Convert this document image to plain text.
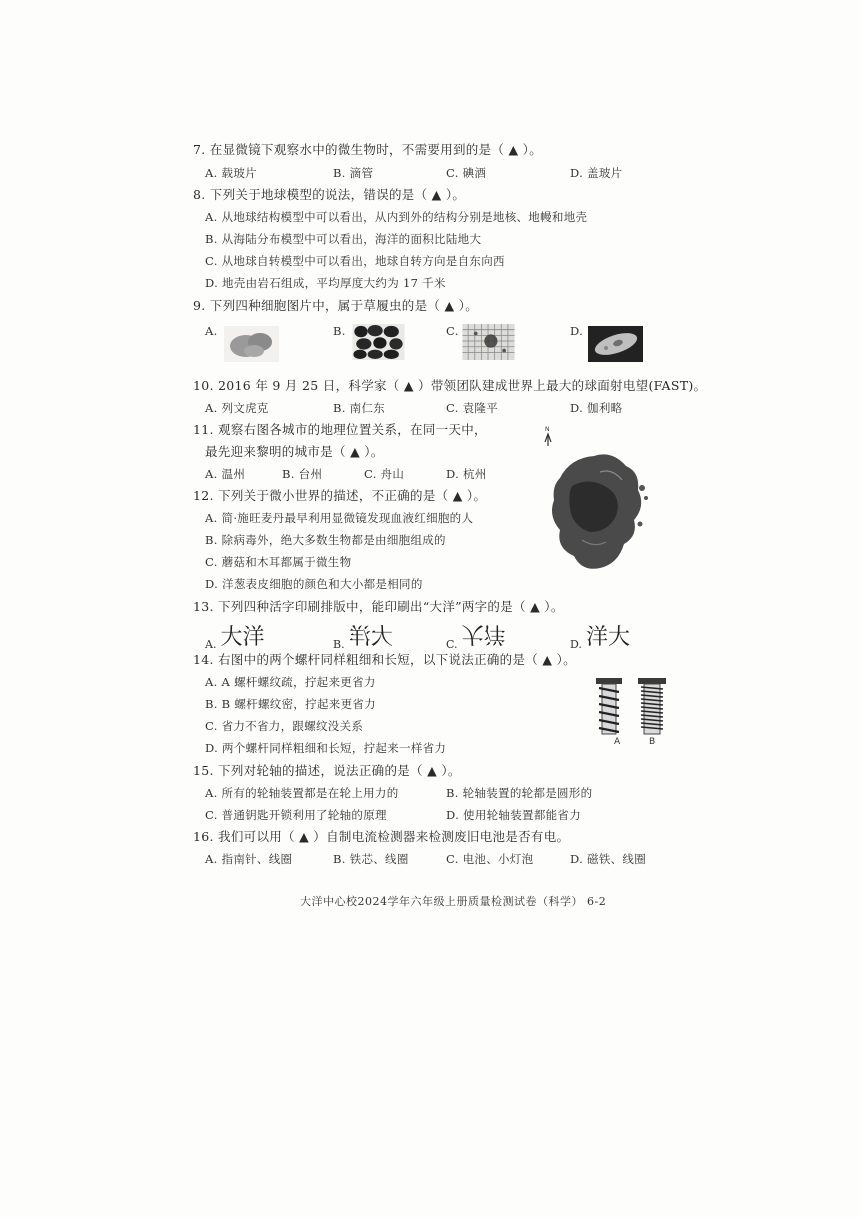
7. 在显微镜下观察水中的微生物时，不需要用到的是（ ▲ ）。
A. 载玻片	B. 滴管	C. 碘酒	D. 盖玻片
8. 下列关于地球模型的说法，错误的是（ ▲ ）。
A. 从地球结构模型中可以看出，从内到外的结构分别是地核、地幔和地壳
B. 从海陆分布模型中可以看出，海洋的面积比陆地大
C. 从地球自转模型中可以看出，地球自转方向是自东向西
D. 地壳由岩石组成，平均厚度大约为 17 千米
9. 下列四种细胞图片中，属于草履虫的是（ ▲ ）。
A.	B.	C.	D.
10. 2016 年 9 月 25 日，科学家（ ▲ ）带领团队建成世界上最大的球面射电望(FAST)。
A. 列文虎克	B. 南仁东	C. 袁隆平	D. 伽利略
11. 观察右图各城市的地理位置关系，在同一天中，
最先迎来黎明的城市是（ ▲ ）。
A. 温州	B. 台州	C. 舟山	D. 杭州
N
12. 下列关于微小世界的描述，不正确的是（ ▲ ）。
A. 简·施旺麦丹最早利用显微镜发现血液红细胞的人
B. 除病毒外，绝大多数生物都是由细胞组成的
C. 蘑菇和木耳都属于微生物
D. 洋葱表皮细胞的颜色和大小都是相同的
13. 下列四种活字印刷排版中，能印刷出“大洋”两字的是（ ▲ ）。
A. 大洋	B. 大洋	C. 大洋	D. 洋大
14. 右图中的两个螺杆同样粗细和长短，以下说法正确的是（ ▲ ）。
A. A 螺杆螺纹疏，拧起来更省力
B. B 螺杆螺纹密，拧起来更省力
C. 省力不省力，跟螺纹没关系
D. 两个螺杆同样粗细和长短，拧起来一样省力	A	B
15. 下列对轮轴的描述，说法正确的是（ ▲ ）。
A. 所有的轮轴装置都是在轮上用力的	B. 轮轴装置的轮都是圆形的
C. 普通钥匙开锁利用了轮轴的原理	D. 使用轮轴装置都能省力
16. 我们可以用（ ▲ ）自制电流检测器来检测废旧电池是否有电。
A. 指南针、线圈	B. 铁芯、线圈	C. 电池、小灯泡	D. 磁铁、线圈
大洋中心校2024学年六年级上册质量检测试卷（科学） 6-2
